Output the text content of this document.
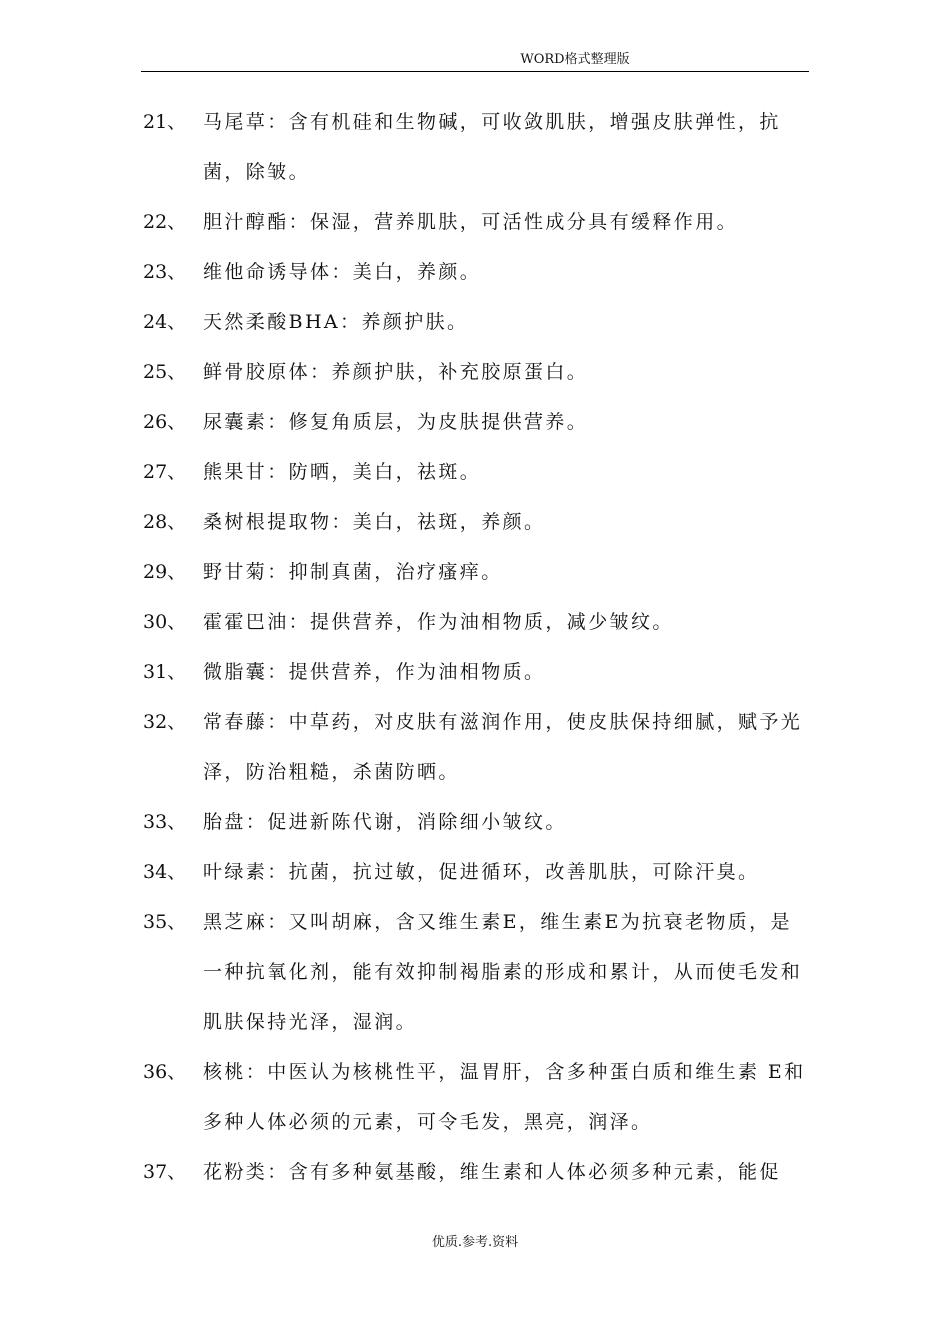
WORD格式整理版
21、 马尾草：含有机硅和生物碱，可收敛肌肤，增强皮肤弹性，抗菌，除皱。
22、 胆汁醇酯：保湿，营养肌肤，可活性成分具有缓释作用。
23、 维他命诱导体：美白，养颜。
24、 天然柔酸BHA：养颜护肤。
25、 鲜骨胶原体：养颜护肤，补充胶原蛋白。
26、 尿囊素：修复角质层，为皮肤提供营养。
27、 熊果甘：防晒，美白，祛斑。
28、 桑树根提取物：美白，祛斑，养颜。
29、 野甘菊：抑制真菌，治疗瘙痒。
30、 霍霍巴油：提供营养，作为油相物质，减少皱纹。
31、 微脂囊：提供营养，作为油相物质。
32、 常春藤：中草药，对皮肤有滋润作用，使皮肤保持细腻，赋予光泽，防治粗糙，杀菌防晒。
33、 胎盘：促进新陈代谢，消除细小皱纹。
34、 叶绿素：抗菌，抗过敏，促进循环，改善肌肤，可除汗臭。
35、 黑芝麻：又叫胡麻，含又维生素E，维生素E为抗衰老物质，是一种抗氧化剂，能有效抑制褐脂素的形成和累计，从而使毛发和肌肤保持光泽，湿润。
36、 核桃：中医认为核桃性平，温胃肝，含多种蛋白质和维生素 E和多种人体必须的元素，可令毛发，黑亮，润泽。
37、 花粉类：含有多种氨基酸，维生素和人体必须多种元素，能促
优质.参考.资料
